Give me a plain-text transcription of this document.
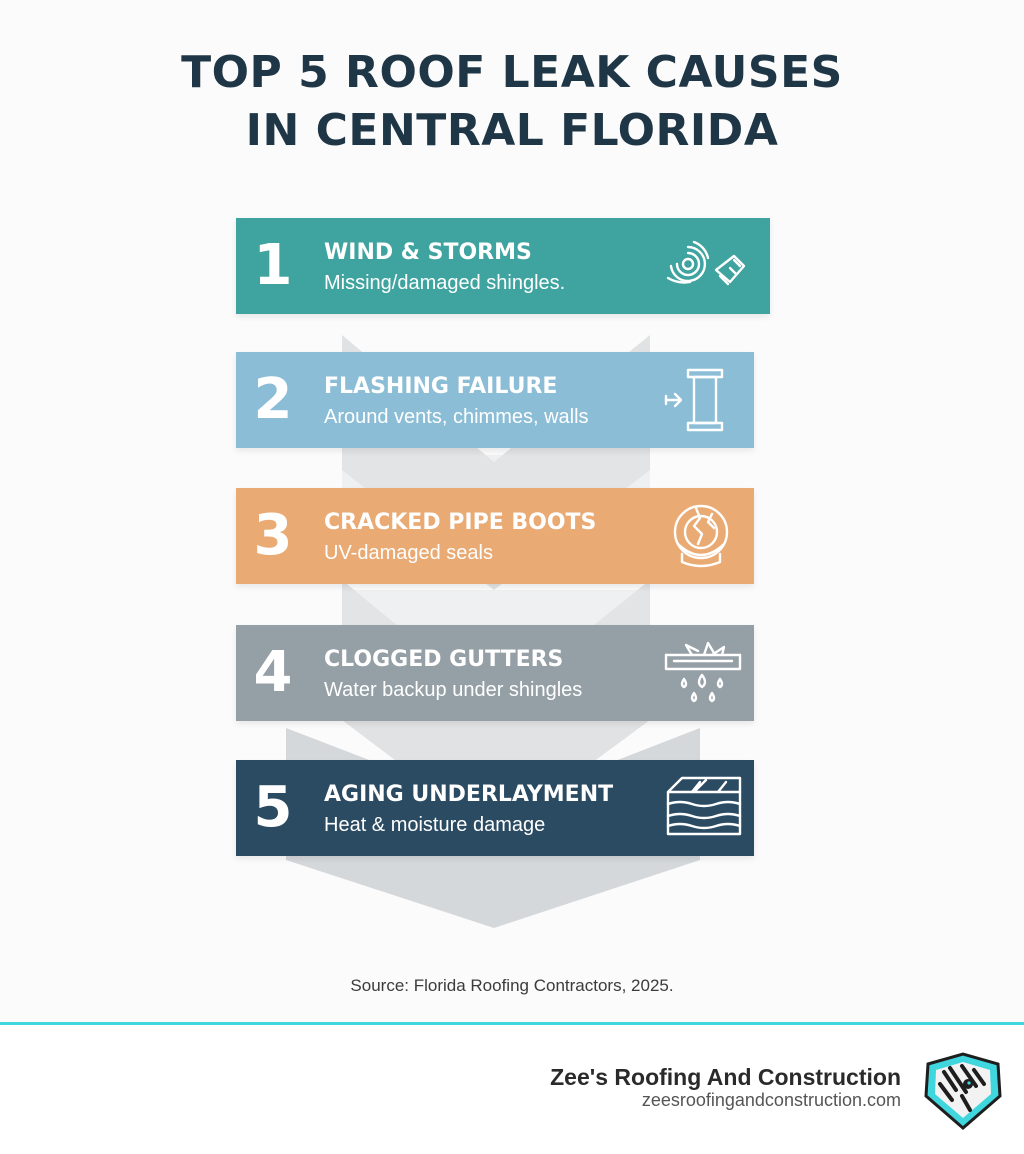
TOP 5 ROOF LEAK CAUSES
IN CENTRAL FLORIDA
1	WIND & STORMS
Missing/damaged shingles.
2	FLASHING FAILURE
Around vents, chimmes, walls
3	CRACKED PIPE BOOTS
UV-damaged seals
4	CLOGGED GUTTERS
Water backup under shingles
5	AGING UNDERLAYMENT
Heat & moisture damage
Source: Florida Roofing Contractors, 2025.
Zee's Roofing And Construction
zeesroofingandconstruction.com
